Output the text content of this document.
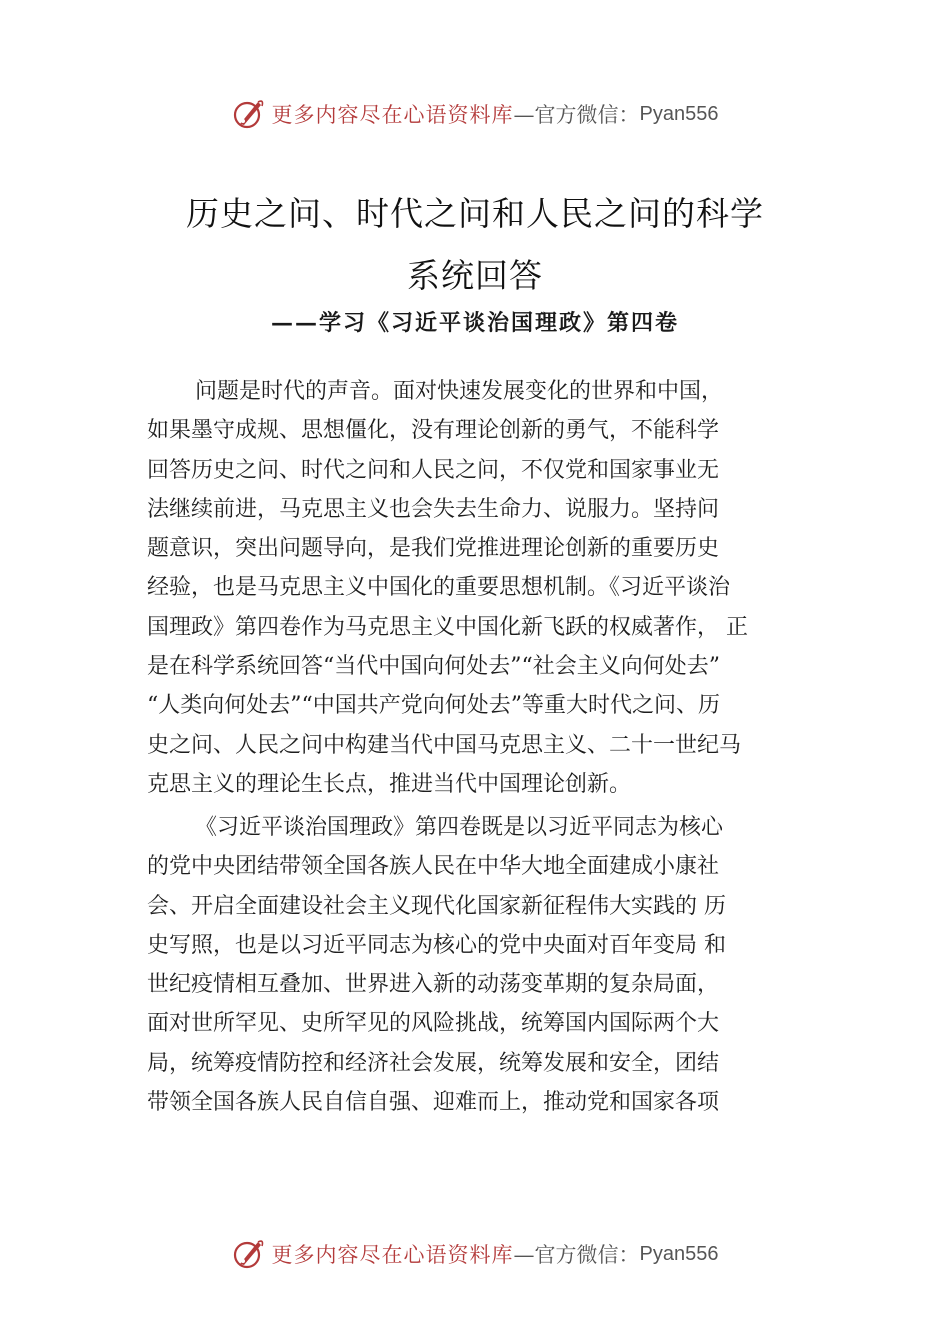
更多内容尽在心语资料库 —官方微信： Pyan556
历史之问、时代之问和人民之问的科学
系统回答
——学习《习近平谈治国理政》第四卷
问题是时代的声音。面对快速发展变化的世界和中国，
如果墨守成规、思想僵化，没有理论创新的勇气，不能科学
回答历史之问、时代之问和人民之问，不仅党和国家事业无
法继续前进，马克思主义也会失去生命力、说服力。坚持问
题意识，突出问题导向，是我们党推进理论创新的重要历史
经验，也是马克思主义中国化的重要思想机制。《习近平谈治
国理政》第四卷作为马克思主义中国化新飞跃的权威著作， 正
是在科学系统回答“当代中国向何处去”“社会主义向何处去”
“人类向何处去”“中国共产党向何处去”等重大时代之问、历
史之问、人民之问中构建当代中国马克思主义、二十一世纪马
克思主义的理论生长点，推进当代中国理论创新。
《习近平谈治国理政》第四卷既是以习近平同志为核心
的党中央团结带领全国各族人民在中华大地全面建成小康社
会、开启全面建设社会主义现代化国家新征程伟大实践的 历
史写照，也是以习近平同志为核心的党中央面对百年变局 和
世纪疫情相互叠加、世界进入新的动荡变革期的复杂局面，
面对世所罕见、史所罕见的风险挑战，统筹国内国际两个大
局，统筹疫情防控和经济社会发展，统筹发展和安全，团结
带领全国各族人民自信自强、迎难而上，推动党和国家各项
更多内容尽在心语资料库 —官方微信： Pyan556
